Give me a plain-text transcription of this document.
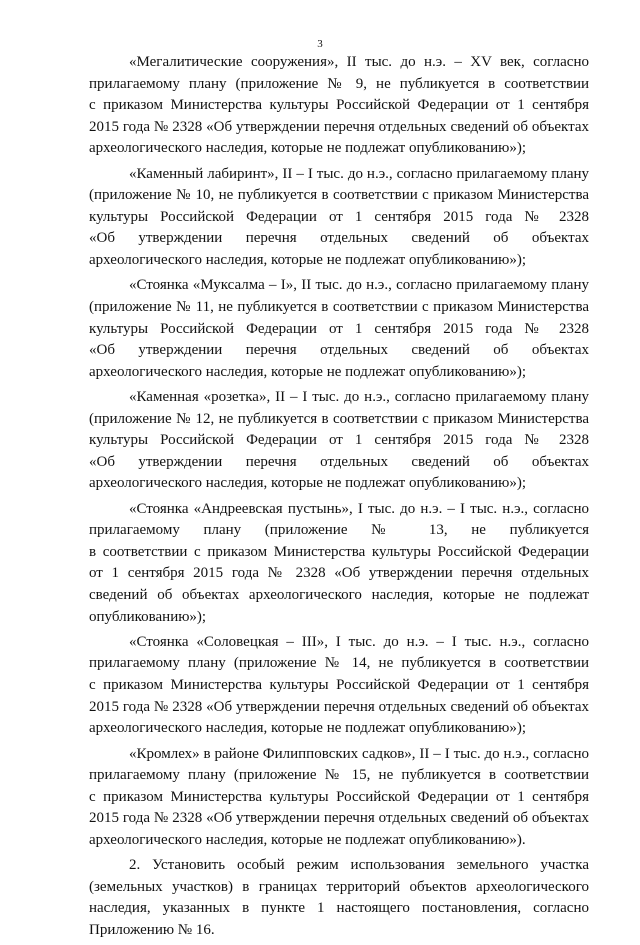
3

«Мегалитические сооружения», II тыс. до н.э. – XV век, согласно
прилагаемому плану (приложение № 9, не публикуется в соответствии
с приказом Министерства культуры Российской Федерации от 1 сентября
2015 года № 2328 «Об утверждении перечня отдельных сведений об объектах
археологического наследия, которые не подлежат опубликованию»);

«Каменный лабиринт», II – I тыс. до н.э., согласно прилагаемому плану
(приложение № 10, не публикуется в соответствии с приказом Министерства
культуры Российской Федерации от 1 сентября 2015 года № 2328
«Об утверждении перечня отдельных сведений об объектах
археологического наследия, которые не подлежат опубликованию»);

«Стоянка «Муксалма – I», II тыс. до н.э., согласно прилагаемому плану
(приложение № 11, не публикуется в соответствии с приказом Министерства
культуры Российской Федерации от 1 сентября 2015 года № 2328
«Об утверждении перечня отдельных сведений об объектах
археологического наследия, которые не подлежат опубликованию»);

«Каменная «розетка», II – I тыс. до н.э., согласно прилагаемому плану
(приложение № 12, не публикуется в соответствии с приказом Министерства
культуры Российской Федерации от 1 сентября 2015 года № 2328
«Об утверждении перечня отдельных сведений об объектах
археологического наследия, которые не подлежат опубликованию»);

«Стоянка «Андреевская пустынь», I тыс. до н.э. – I тыс. н.э., согласно
прилагаемому плану (приложение № 13, не публикуется
в соответствии с приказом Министерства культуры Российской Федерации
от 1 сентября 2015 года № 2328 «Об утверждении перечня отдельных
сведений об объектах археологического наследия, которые не подлежат
опубликованию»);

«Стоянка «Соловецкая – III», I тыс. до н.э. – I тыс. н.э., согласно
прилагаемому плану (приложение № 14, не публикуется в соответствии
с приказом Министерства культуры Российской Федерации от 1 сентября
2015 года № 2328 «Об утверждении перечня отдельных сведений об объектах
археологического наследия, которые не подлежат опубликованию»);

«Кромлех» в районе Филипповских садков», II – I тыс. до н.э., согласно
прилагаемому плану (приложение № 15, не публикуется в соответствии
с приказом Министерства культуры Российской Федерации от 1 сентября
2015 года № 2328 «Об утверждении перечня отдельных сведений об объектах
археологического наследия, которые не подлежат опубликованию»).

2. Установить особый режим использования земельного участка
(земельных участков) в границах территорий объектов археологического
наследия, указанных в пункте 1 настоящего постановления, согласно
Приложению № 16.
